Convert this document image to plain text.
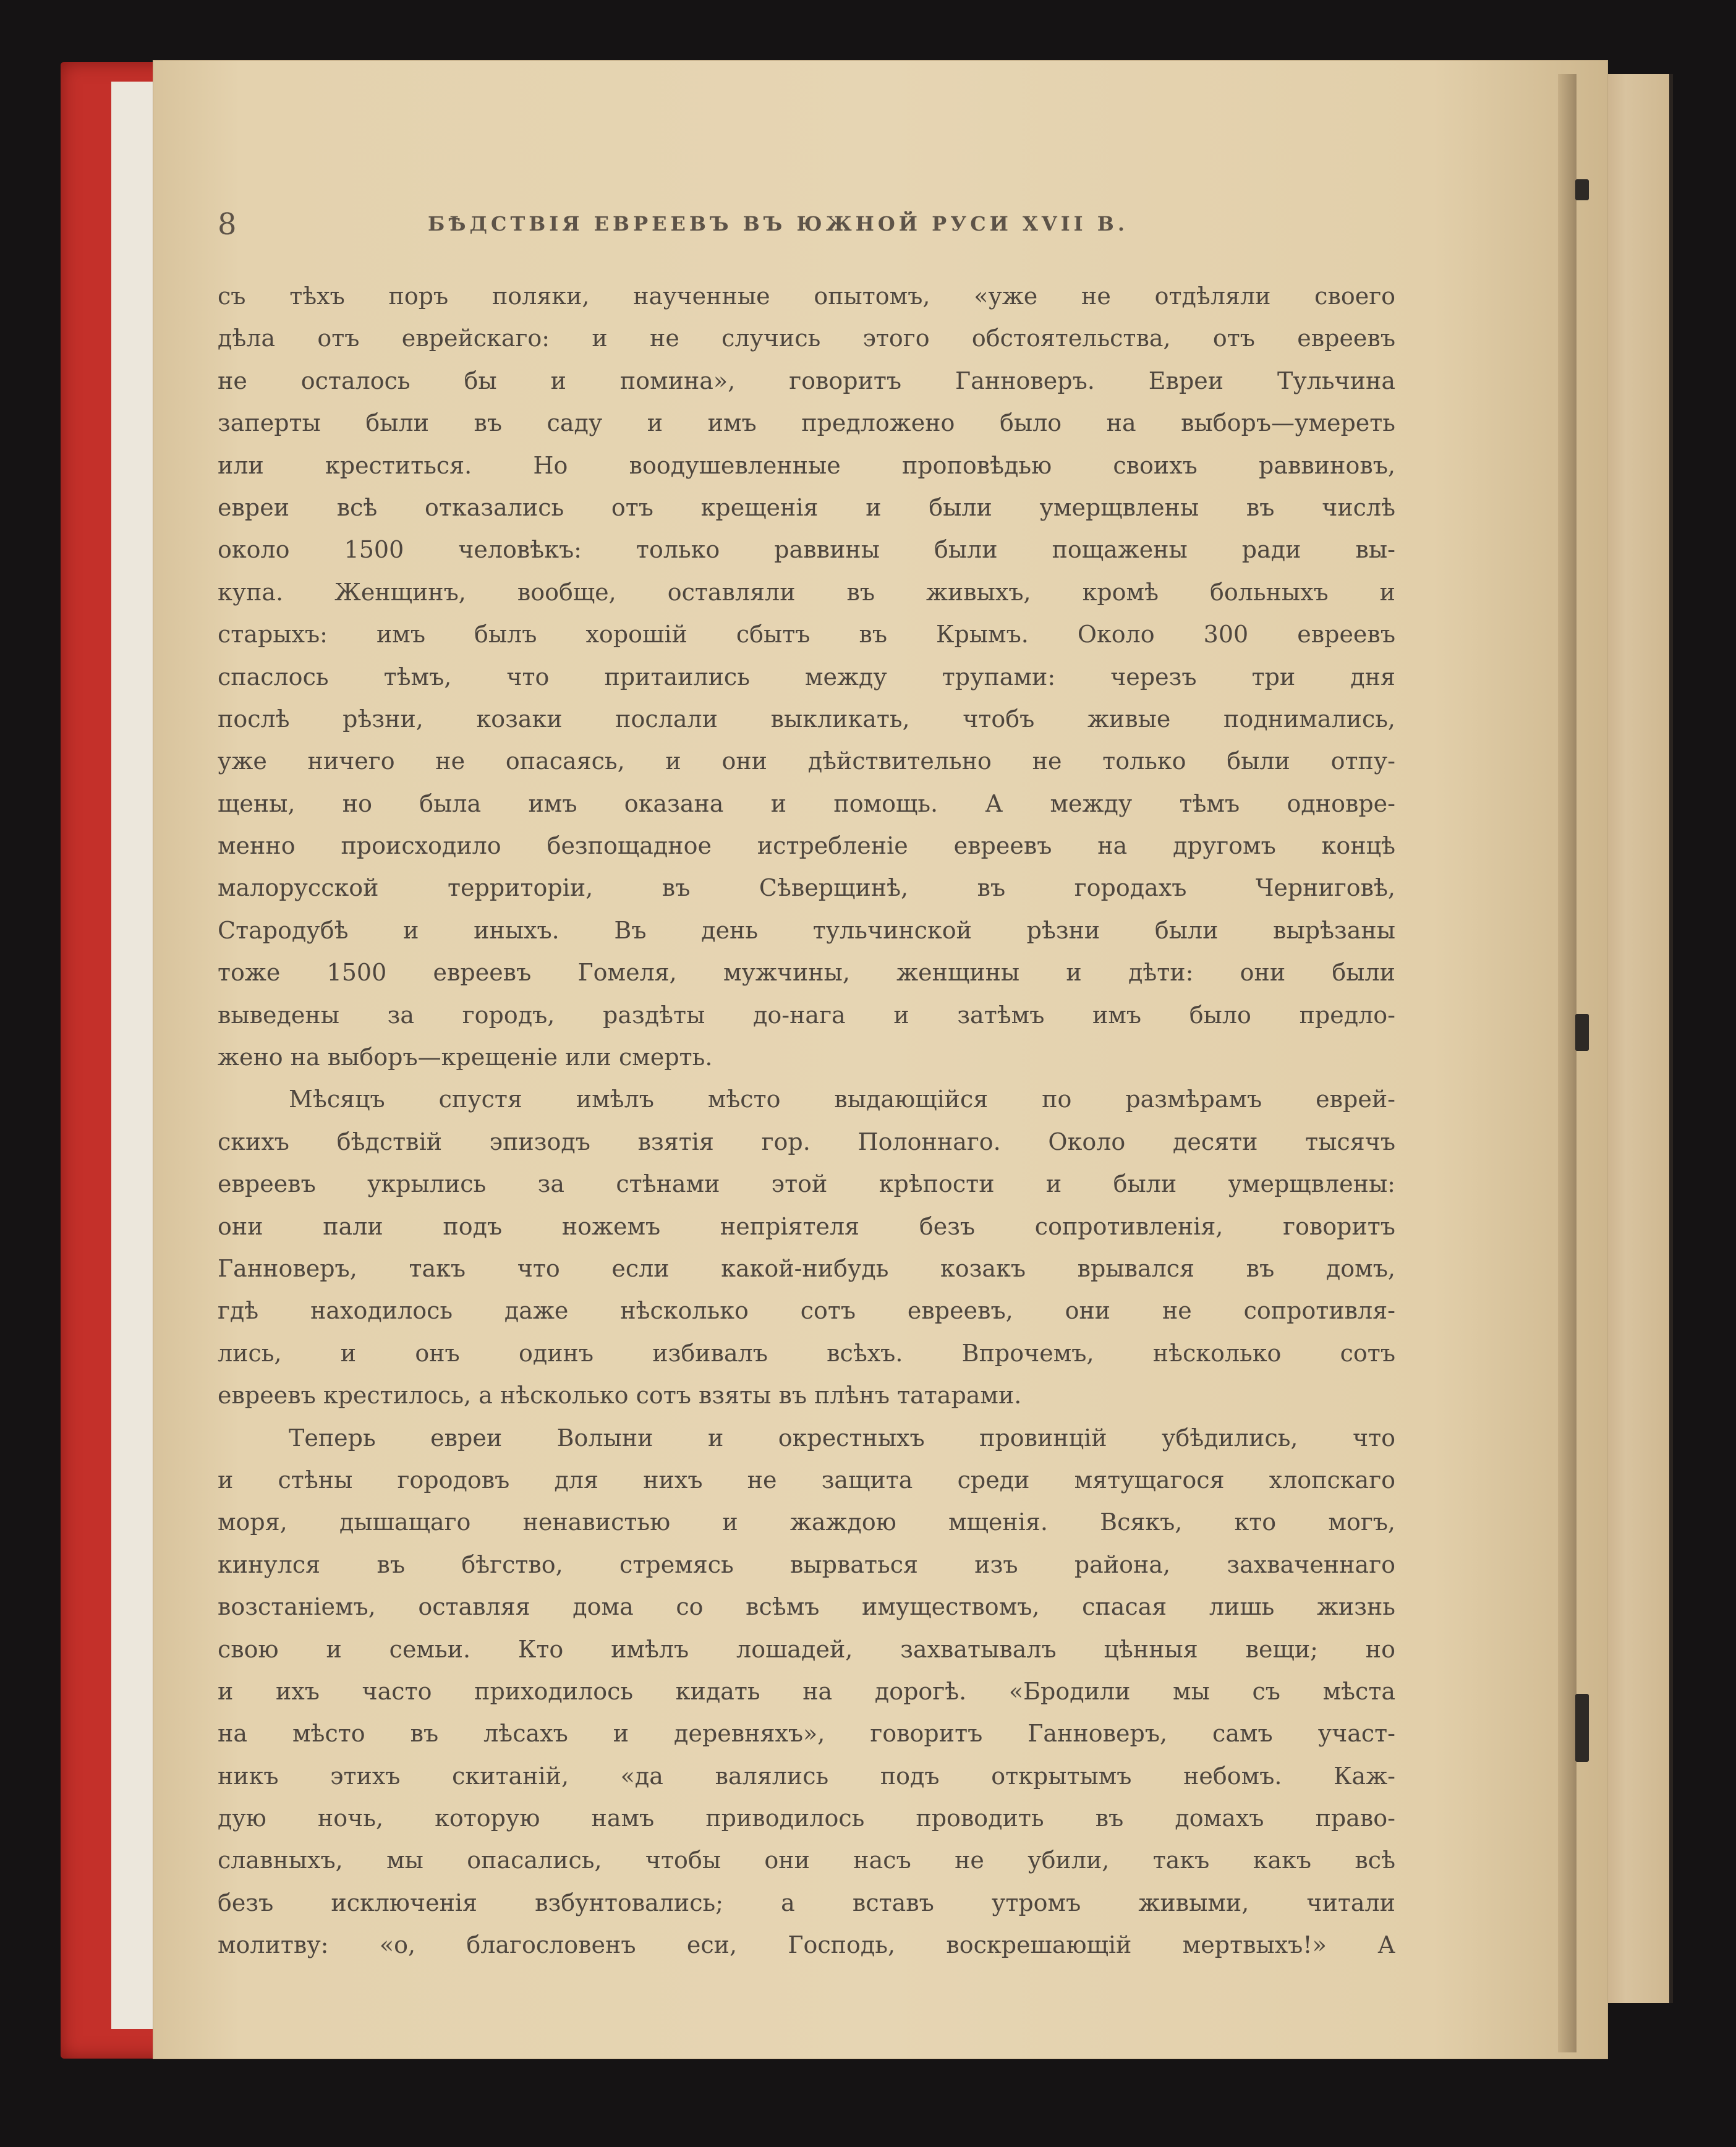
8	БѢДСТВІЯ ЕВРЕЕВЪ ВЪ ЮЖНОЙ РУСИ XVII В.
съ тѣхъ поръ поляки, наученные опытомъ, «уже не отдѣляли своего
дѣла отъ еврейскаго: и не случись этого обстоятельства, отъ евреевъ
не осталось бы и помина», говоритъ Ганноверъ. Евреи Тульчина
заперты были въ саду и имъ предложено было на выборъ—умереть
или креститься. Но воодушевленные проповѣдью своихъ раввиновъ,
евреи всѣ отказались отъ крещенія и были умерщвлены въ числѣ
около 1500 человѣкъ: только раввины были пощажены ради вы-
купа. Женщинъ, вообще, оставляли въ живыхъ, кромѣ больныхъ и
старыхъ: имъ былъ хорошій сбытъ въ Крымъ. Около 300 евреевъ
спаслось тѣмъ, что притаились между трупами: черезъ три дня
послѣ рѣзни, козаки послали выкликать, чтобъ живые поднимались,
уже ничего не опасаясь, и они дѣйствительно не только были отпу-
щены, но была имъ оказана и помощь. А между тѣмъ одновре-
менно происходило безпощадное истребленіе евреевъ на другомъ концѣ
малорусской территоріи, въ Сѣверщинѣ, въ городахъ Черниговѣ,
Стародубѣ и иныхъ. Въ день тульчинской рѣзни были вырѣзаны
тоже 1500 евреевъ Гомеля, мужчины, женщины и дѣти: они были
выведены за городъ, раздѣты до-нага и затѣмъ имъ было предло-
жено на выборъ—крещеніе или смерть.
Мѣсяцъ спустя имѣлъ мѣсто выдающійся по размѣрамъ еврей-
скихъ бѣдствій эпизодъ взятія гор. Полоннаго. Около десяти тысячъ
евреевъ укрылись за стѣнами этой крѣпости и были умерщвлены:
они пали подъ ножемъ непріятеля безъ сопротивленія, говоритъ
Ганноверъ, такъ что если какой-нибудь козакъ врывался въ домъ,
гдѣ находилось даже нѣсколько сотъ евреевъ, они не сопротивля-
лись, и онъ одинъ избивалъ всѣхъ. Впрочемъ, нѣсколько сотъ
евреевъ крестилось, а нѣсколько сотъ взяты въ плѣнъ татарами.
Теперь евреи Волыни и окрестныхъ провинцій убѣдились, что
и стѣны городовъ для нихъ не защита среди мятущагося хлопскаго
моря, дышащаго ненавистью и жаждою мщенія. Всякъ, кто могъ,
кинулся въ бѣгство, стремясь вырваться изъ района, захваченнаго
возстаніемъ, оставляя дома со всѣмъ имуществомъ, спасая лишь жизнь
свою и семьи. Кто имѣлъ лошадей, захватывалъ цѣнныя вещи; но
и ихъ часто приходилось кидать на дорогѣ. «Бродили мы съ мѣста
на мѣсто въ лѣсахъ и деревняхъ», говоритъ Ганноверъ, самъ участ-
никъ этихъ скитаній, «да валялись подъ открытымъ небомъ. Каж-
дую ночь, которую намъ приводилось проводить въ домахъ право-
славныхъ, мы опасались, чтобы они насъ не убили, такъ какъ всѣ
безъ исключенія взбунтовались; а вставъ утромъ живыми, читали
молитву: «о, благословенъ еси, Господь, воскрешающій мертвыхъ!» А
